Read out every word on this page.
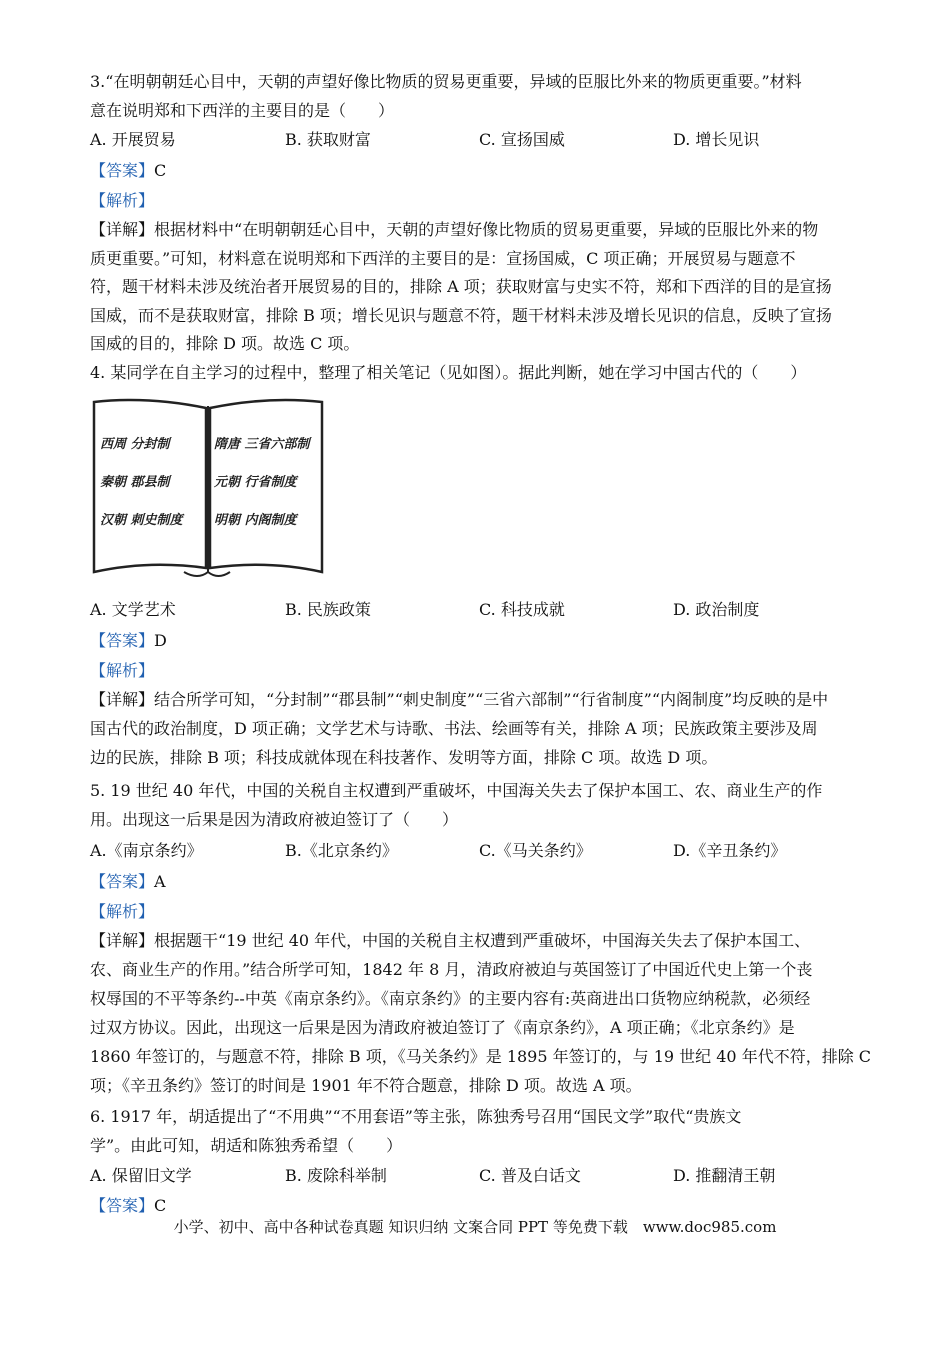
3.“在明朝朝廷心目中，天朝的声望好像比物质的贸易更重要，异域的臣服比外来的物质更重要。”材料
意在说明郑和下西洋的主要目的是（　　）
A. 开展贸易	B. 获取财富	C. 宣扬国威	D. 增长见识
【答案】C
【解析】
【详解】根据材料中“在明朝朝廷心目中，天朝的声望好像比物质的贸易更重要，异域的臣服比外来的物
质更重要。”可知，材料意在说明郑和下西洋的主要目的是：宣扬国威，C 项正确；开展贸易与题意不
符，题干材料未涉及统治者开展贸易的目的，排除 A 项；获取财富与史实不符，郑和下西洋的目的是宣扬
国威，而不是获取财富，排除 B 项；增长见识与题意不符，题干材料未涉及增长见识的信息，反映了宣扬
国威的目的，排除 D 项。故选 C 项。
4. 某同学在自主学习的过程中，整理了相关笔记（见如图）。据此判断，她在学习中国古代的（　　）
西周 分封制
秦朝 郡县制
汉朝 刺史制度
隋唐 三省六部制
元朝 行省制度
明朝 内阁制度
A. 文学艺术	B. 民族政策	C. 科技成就	D. 政治制度
【答案】D
【解析】
【详解】结合所学可知，“分封制”“郡县制”“刺史制度”“三省六部制”“行省制度”“内阁制度”均反映的是中
国古代的政治制度，D 项正确；文学艺术与诗歌、书法、绘画等有关，排除 A 项；民族政策主要涉及周
边的民族，排除 B 项；科技成就体现在科技著作、发明等方面，排除 C 项。故选 D 项。
5. 19 世纪 40 年代，中国的关税自主权遭到严重破坏，中国海关失去了保护本国工、农、商业生产的作
用。出现这一后果是因为清政府被迫签订了（　　）
A.《南京条约》	B.《北京条约》	C.《马关条约》	D.《辛丑条约》
【答案】A
【解析】
【详解】根据题干“19 世纪 40 年代，中国的关税自主权遭到严重破坏，中国海关失去了保护本国工、
农、商业生产的作用。”结合所学可知，1842 年 8 月，清政府被迫与英国签订了中国近代史上第一个丧
权辱国的不平等条约--中英《南京条约》。《南京条约》的主要内容有:英商进出口货物应纳税款，必须经
过双方协议。因此，出现这一后果是因为清政府被迫签订了《南京条约》，A 项正确；《北京条约》是
1860 年签订的，与题意不符，排除 B 项，《马关条约》是 1895 年签订的，与 19 世纪 40 年代不符，排除 C
项；《辛丑条约》签订的时间是 1901 年不符合题意，排除 D 项。故选 A 项。
6. 1917 年，胡适提出了“不用典”“不用套语”等主张，陈独秀号召用“国民文学”取代“贵族文
学”。由此可知，胡适和陈独秀希望（　　）
A. 保留旧文学	B. 废除科举制	C. 普及白话文	D. 推翻清王朝
【答案】C
小学、初中、高中各种试卷真题 知识归纳 文案合同 PPT 等免费下载　www.doc985.com
